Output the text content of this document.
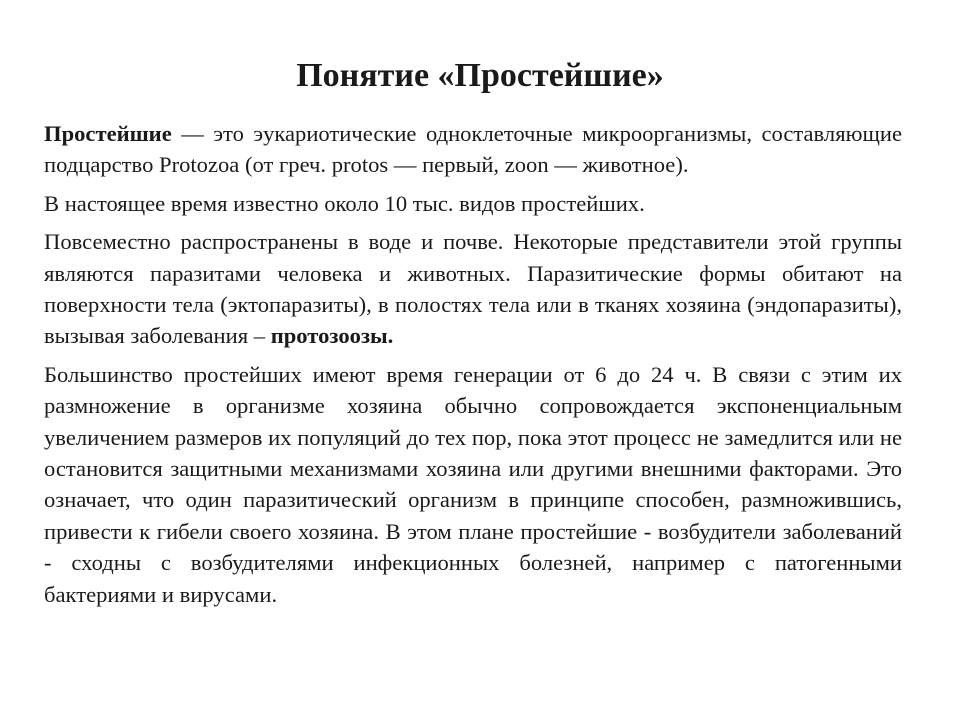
Понятие «Простейшие»

Простейшие — это эукариотические одноклеточные микроорганизмы, составляющие подцарство Protozoa (от греч. protos — первый, zoon — животное).

В настоящее время известно около 10 тыс. видов простейших.

Повсеместно распространены в воде и почве. Некоторые представители этой группы являются паразитами человека и животных. Паразитические формы обитают на поверхности тела (эктопаразиты), в полостях тела или в тканях хозяина (эндопаразиты), вызывая заболевания – протозоозы.

Большинство простейших имеют время генерации от 6 до 24 ч. В связи с этим их размножение в организме хозяина обычно сопровождается экспоненциальным увеличением размеров их популяций до тех пор, пока этот процесс не замедлится или не остановится защитными механизмами хозяина или другими внешними факторами. Это означает, что один паразитический организм в принципе способен, размножившись, привести к гибели своего хозяина. В этом плане простейшие - возбудители заболеваний - сходны с возбудителями инфекционных болезней, например с патогенными бактериями и вирусами.
